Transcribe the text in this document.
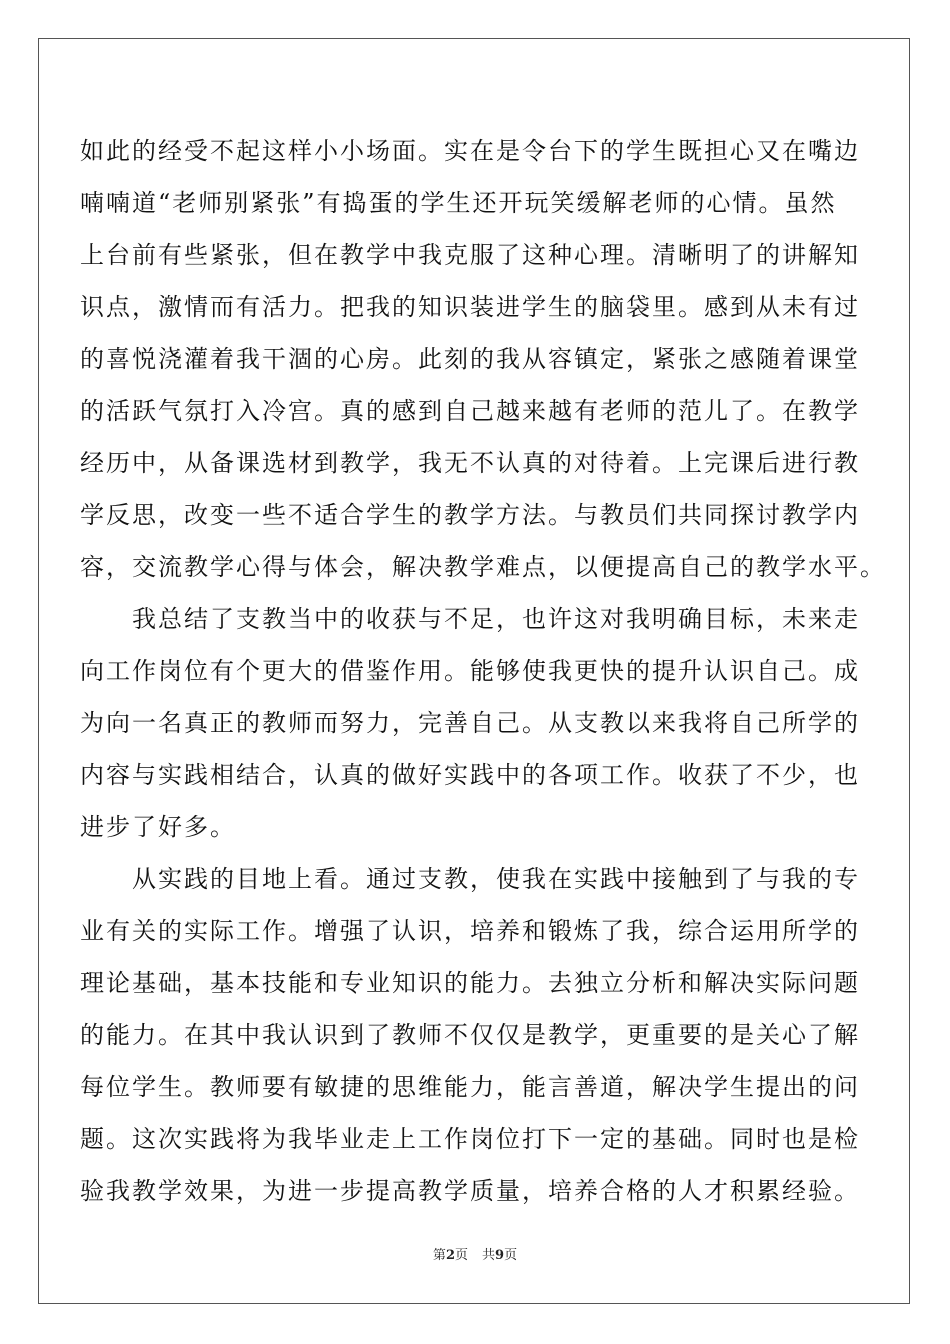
如此的经受不起这样小小场面。实在是令台下的学生既担心又在嘴边
喃喃道“老师别紧张”有捣蛋的学生还开玩笑缓解老师的心情。虽然
上台前有些紧张，但在教学中我克服了这种心理。清晰明了的讲解知
识点，激情而有活力。把我的知识装进学生的脑袋里。感到从未有过
的喜悦浇灌着我干涸的心房。此刻的我从容镇定，紧张之感随着课堂
的活跃气氛打入冷宫。真的感到自己越来越有老师的范儿了。在教学
经历中，从备课选材到教学，我无不认真的对待着。上完课后进行教
学反思，改变一些不适合学生的教学方法。与教员们共同探讨教学内
容，交流教学心得与体会，解决教学难点，以便提高自己的教学水平。
我总结了支教当中的收获与不足，也许这对我明确目标，未来走
向工作岗位有个更大的借鉴作用。能够使我更快的提升认识自己。成
为向一名真正的教师而努力，完善自己。从支教以来我将自己所学的
内容与实践相结合，认真的做好实践中的各项工作。收获了不少，也
进步了好多。
从实践的目地上看。通过支教，使我在实践中接触到了与我的专
业有关的实际工作。增强了认识，培养和锻炼了我，综合运用所学的
理论基础，基本技能和专业知识的能力。去独立分析和解决实际问题
的能力。在其中我认识到了教师不仅仅是教学，更重要的是关心了解
每位学生。教师要有敏捷的思维能力，能言善道，解决学生提出的问
题。这次实践将为我毕业走上工作岗位打下一定的基础。同时也是检
验我教学效果，为进一步提高教学质量，培养合格的人才积累经验。
第2页 共9页
